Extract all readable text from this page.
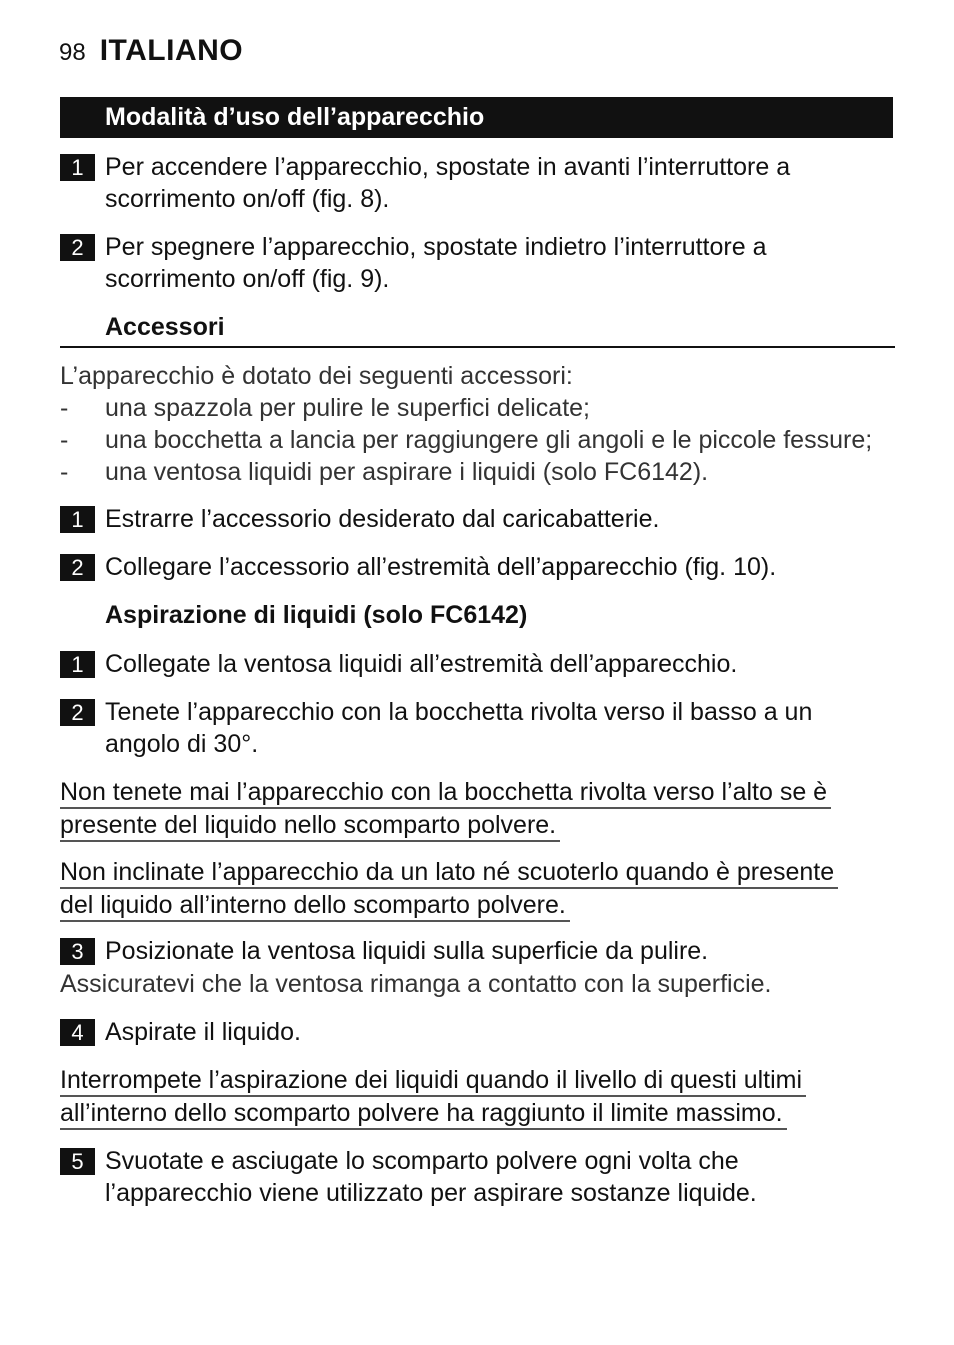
98 ITALIANO
Modalità d’uso dell’apparecchio
1 Per accendere l’apparecchio, spostate in avanti l’interruttore a
scorrimento on/off (fig. 8).
2 Per spegnere l’apparecchio, spostate indietro l’interruttore a
scorrimento on/off (fig. 9).
Accessori
L’apparecchio è dotato dei seguenti accessori:
- una spazzola per pulire le superfici delicate;
- una bocchetta a lancia per raggiungere gli angoli e le piccole fessure;
- una ventosa liquidi per aspirare i liquidi (solo FC6142).
1 Estrarre l’accessorio desiderato dal caricabatterie.
2 Collegare l’accessorio all’estremità dell’apparecchio (fig. 10).
Aspirazione di liquidi (solo FC6142)
1 Collegate la ventosa liquidi all’estremità dell’apparecchio.
2 Tenete l’apparecchio con la bocchetta rivolta verso il basso a un
angolo di 30°.
Non tenete mai l’apparecchio con la bocchetta rivolta verso l’alto se è
presente del liquido nello scomparto polvere.
Non inclinate l’apparecchio da un lato né scuoterlo quando è presente
del liquido all’interno dello scomparto polvere.
3 Posizionate la ventosa liquidi sulla superficie da pulire.
Assicuratevi che la ventosa rimanga a contatto con la superficie.
4 Aspirate il liquido.
Interrompete l’aspirazione dei liquidi quando il livello di questi ultimi
all’interno dello scomparto polvere ha raggiunto il limite massimo.
5 Svuotate e asciugate lo scomparto polvere ogni volta che
l’apparecchio viene utilizzato per aspirare sostanze liquide.
